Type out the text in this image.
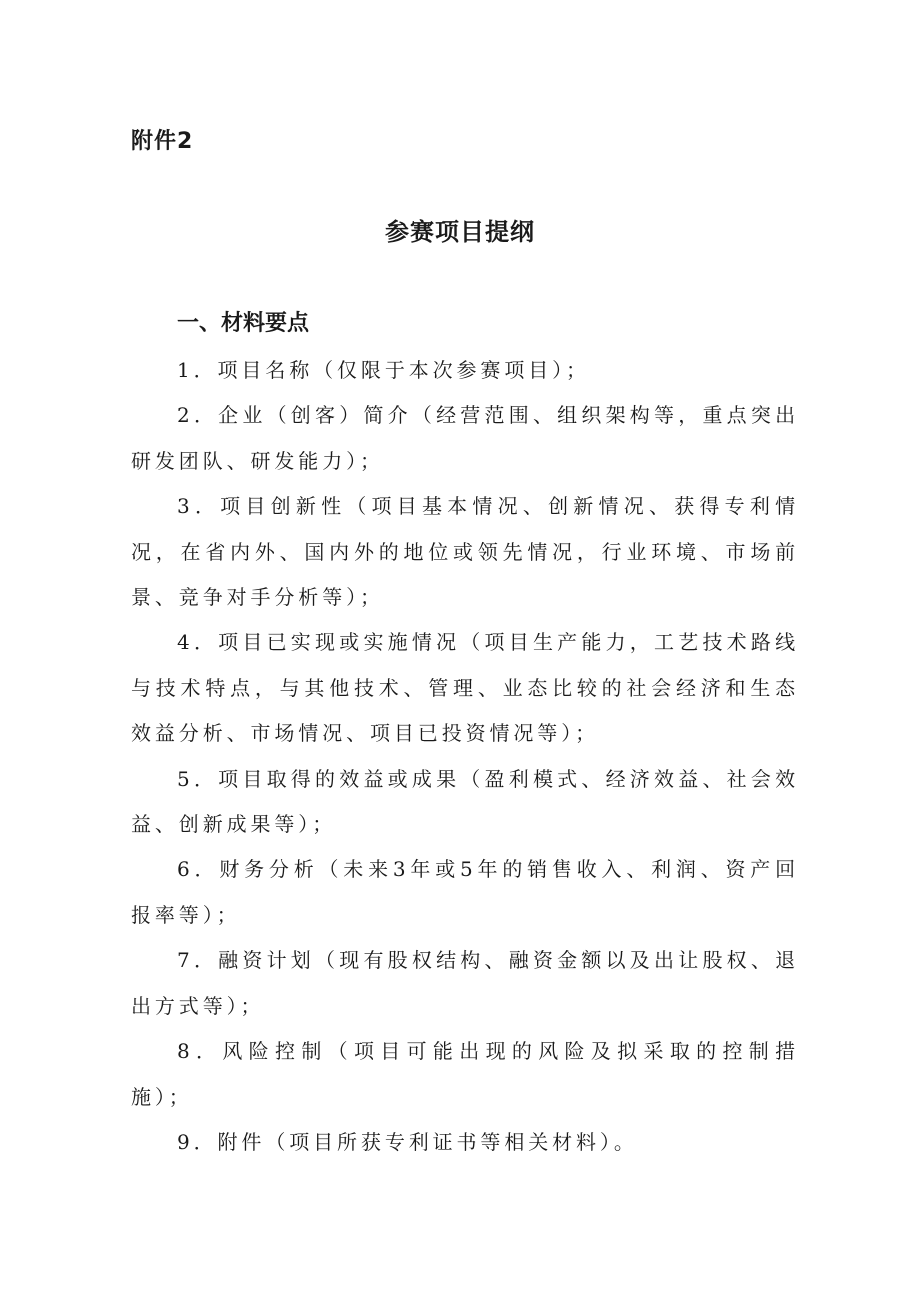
附件2

参赛项目提纲
一、材料要点

1．项目名称（仅限于本次参赛项目）；

2．企业（创客）简介（经营范围、组织架构等，重点突出研发团队、研发能力）；

3．项目创新性（项目基本情况、创新情况、获得专利情况，在省内外、国内外的地位或领先情况，行业环境、市场前景、竞争对手分析等）；

4．项目已实现或实施情况（项目生产能力，工艺技术路线与技术特点，与其他技术、管理、业态比较的社会经济和生态效益分析、市场情况、项目已投资情况等）；

5．项目取得的效益或成果（盈利模式、经济效益、社会效益、创新成果等）；

6．财务分析（未来3年或5年的销售收入、利润、资产回报率等）；

7．融资计划（现有股权结构、融资金额以及出让股权、退出方式等）；

8．风险控制（项目可能出现的风险及拟采取的控制措施）；

9．附件（项目所获专利证书等相关材料）。
